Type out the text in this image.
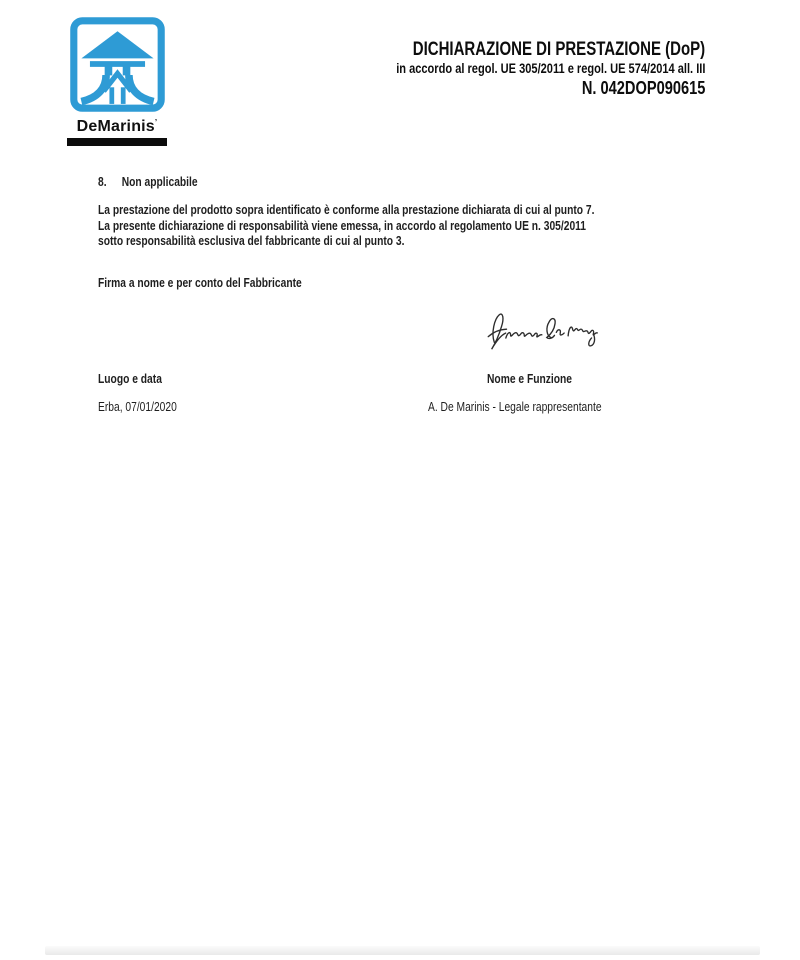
DeMarinis’
DICHIARAZIONE DI PRESTAZIONE (DoP)
in accordo al regol. UE 305/2011 e regol. UE 574/2014 all. III
N. 042DOP090615
8. Non applicabile
La prestazione del prodotto sopra identificato è conforme alla prestazione dichiarata di cui al punto 7.
La presente dichiarazione di responsabilità viene emessa, in accordo al regolamento UE n. 305/2011
sotto responsabilità esclusiva del fabbricante di cui al punto 3.
Firma a nome e per conto del Fabbricante
Luogo e data	Nome e Funzione
Erba, 07/01/2020	A. De Marinis - Legale rappresentante
